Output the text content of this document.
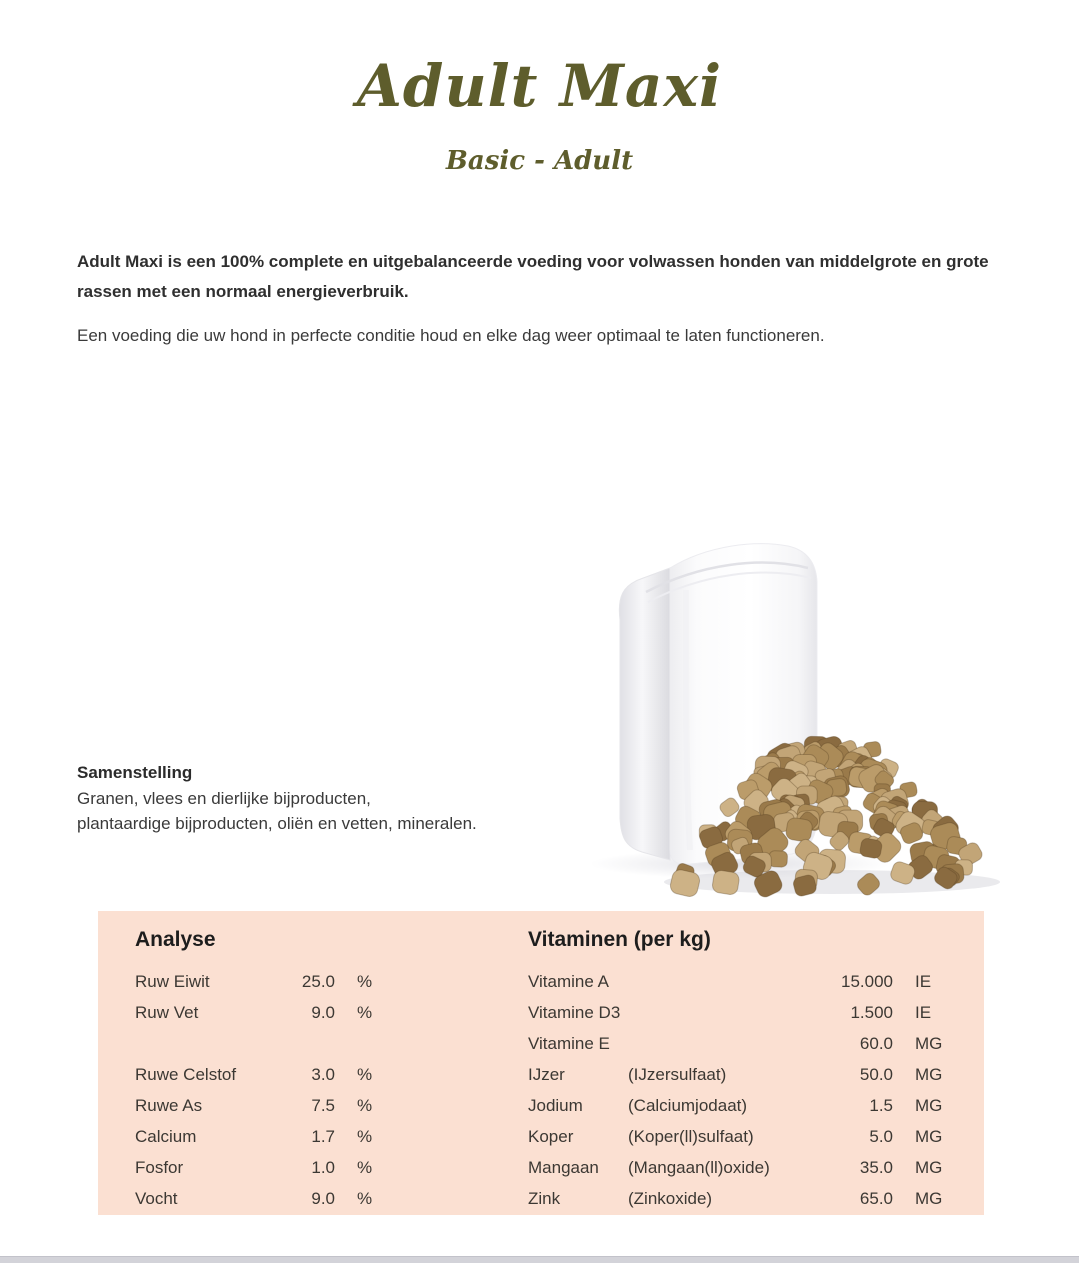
Adult Maxi
Basic - Adult
Adult Maxi is een 100% complete en uitgebalanceerde voeding voor volwassen honden van middelgrote en grote
rassen met een normaal energieverbruik.

Een voeding die uw hond in perfecte conditie houd en elke dag weer optimaal te laten functioneren.

Samenstelling
Granen, vlees en dierlijke bijproducten,
plantaardige bijproducten, oliën en vetten, mineralen.
Analyse
Ruw Eiwit	25.0	%
Ruw Vet	9.0	%
Ruwe Celstof	3.0	%
Ruwe As	7.5	%
Calcium	1.7	%
Fosfor	1.0	%
Vocht	9.0	%
Vitaminen (per kg)
Vitamine A	15.000	IE
Vitamine D3	1.500	IE
Vitamine E	60.0	MG
IJzer	(IJzersulfaat)	50.0	MG
Jodium	(Calciumjodaat)	1.5	MG
Koper	(Koper(ll)sulfaat)	5.0	MG
Mangaan	(Mangaan(ll)oxide)	35.0	MG
Zink	(Zinkoxide)	65.0	MG
